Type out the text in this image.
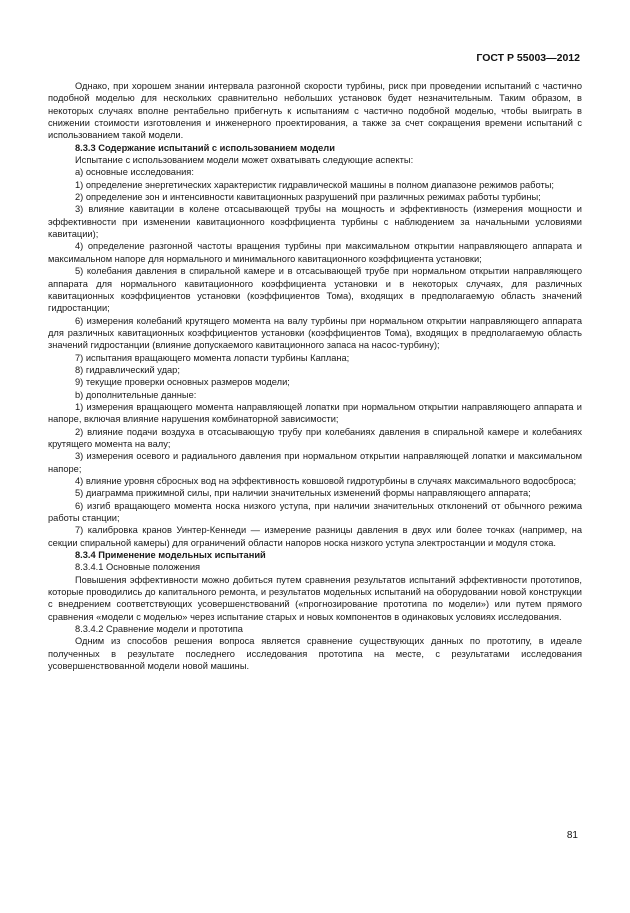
ГОСТ Р 55003—2012

Однако, при хорошем знании интервала разгонной скорости турбины, риск при проведении испытаний с частично подобной моделью для нескольких сравнительно небольших установок будет незначительным. Таким образом, в некоторых случаях вполне рентабельно прибегнуть к испытаниям с частично подобной моделью, чтобы выиграть в снижении стоимости изготовления и инженерного проектирования, а также за счет сокращения времени испытаний с использованием такой модели.

8.3.3 Содержание испытаний с использованием модели

Испытание с использованием модели может охватывать следующие аспекты:

а) основные исследования:

1) определение энергетических характеристик гидравлической машины в полном диапазоне режимов работы;

2) определение зон и интенсивности кавитационных разрушений при различных режимах работы турбины;

3) влияние кавитации в колене отсасывающей трубы на мощность и эффективность (измерения мощности и эффективности при изменении кавитационного коэффициента турбины с наблюдением за начальными условиями кавитации);

4) определение разгонной частоты вращения турбины при максимальном открытии направляющего аппарата и максимальном напоре для нормального и минимального кавитационного коэффициента установки;

5) колебания давления в спиральной камере и в отсасывающей трубе при нормальном открытии направляющего аппарата для нормального кавитационного коэффициента установки и в некоторых случаях, для различных кавитационных коэффициентов установки (коэффициентов Тома), входящих в предполагаемую область значений гидростанции;

6) измерения колебаний крутящего момента на валу турбины при нормальном открытии направляющего аппарата для различных кавитационных коэффициентов установки (коэффициентов Тома), входящих в предполагаемую область значений гидростанции (влияние допускаемого кавитационного запаса на насос-турбину);

7) испытания вращающего момента лопасти турбины Каплана;

8) гидравлический удар;

9) текущие проверки основных размеров модели;

b) дополнительные данные:

1) измерения вращающего момента направляющей лопатки при нормальном открытии направляющего аппарата и напоре, включая влияние нарушения комбинаторной зависимости;

2) влияние подачи воздуха в отсасывающую трубу при колебаниях давления в спиральной камере и колебаниях крутящего момента на валу;

3) измерения осевого и радиального давления при нормальном открытии направляющей лопатки и максимальном напоре;

4) влияние уровня сбросных вод на эффективность ковшовой гидротурбины в случаях максимального водосброса;

5) диаграмма прижимной силы, при наличии значительных изменений формы направляющего аппарата;

6) изгиб вращающего момента носка низкого уступа, при наличии значительных отклонений от обычного режима работы станции;

7) калибровка кранов Уинтер-Кеннеди — измерение разницы давления в двух или более точках (например, на секции спиральной камеры) для ограничений области напоров носка низкого уступа электростанции и модуля стока.

8.3.4 Применение модельных испытаний

8.3.4.1 Основные положения

Повышения эффективности можно добиться путем сравнения результатов испытаний эффективности прототипов, которые проводились до капитального ремонта, и результатов модельных испытаний на оборудовании новой конструкции с внедрением соответствующих усовершенствований («прогнозирование прототипа по модели») или путем прямого сравнения «модели с моделью» через испытание старых и новых компонентов в одинаковых условиях исследования.

8.3.4.2 Сравнение модели и прототипа

Одним из способов решения вопроса является сравнение существующих данных по прототипу, в идеале полученных в результате последнего исследования прототипа на месте, с результатами исследования усовершенствованной модели новой машины.

81
